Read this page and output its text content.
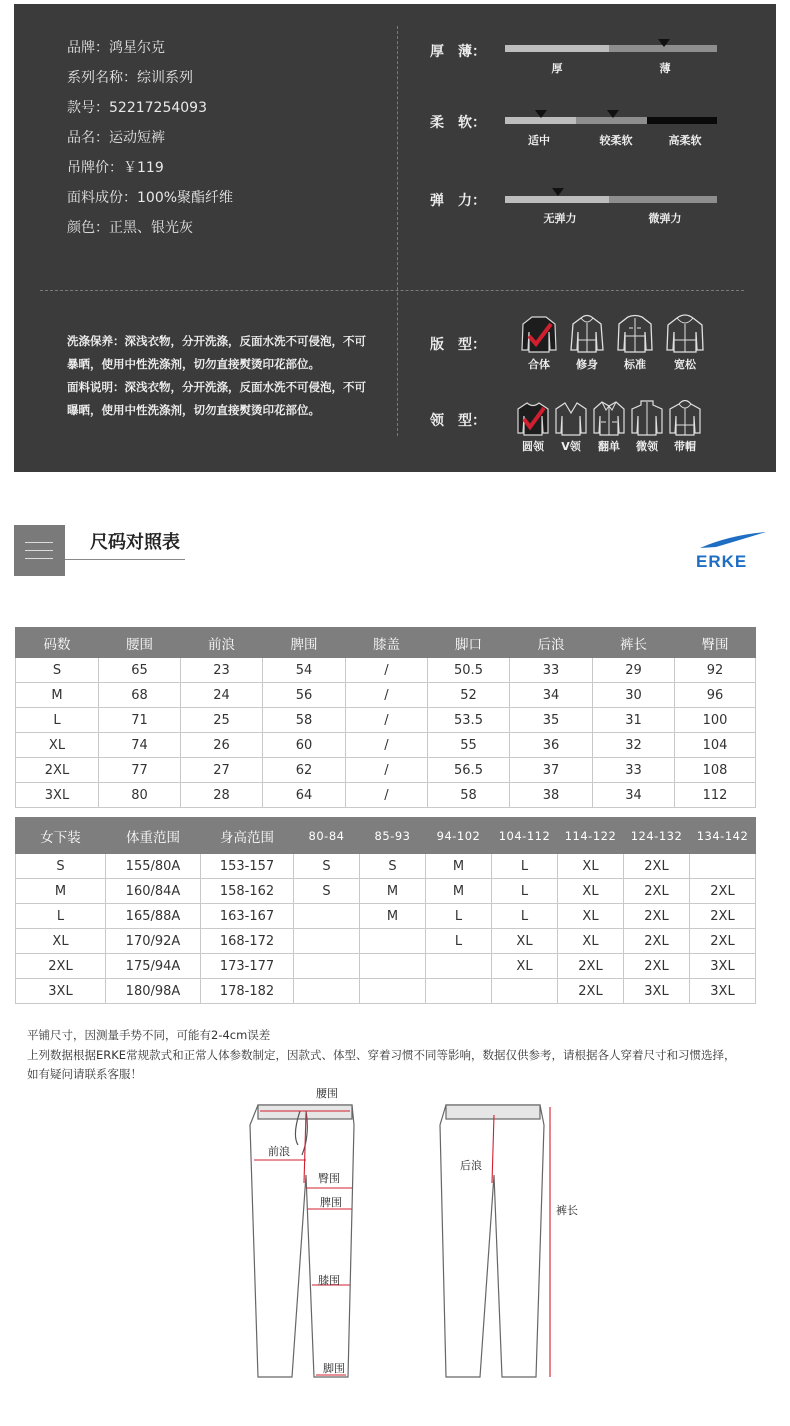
品牌：鸿星尔克
系列名称：综训系列
款号：52217254093
品名：运动短裤
吊牌价：￥119
面料成份：100%聚酯纤维
颜色：正黑、银光灰
厚　薄：
厚	薄
柔　软：
适中	较柔软	高柔软
弹　力：
无弹力	微弹力
洗涤保养：深浅衣物，分开洗涤，反面水洗不可侵泡，不可暴晒，使用中性洗涤剂，切勿直接熨烫印花部位。
面料说明：深浅衣物，分开洗涤，反面水洗不可侵泡，不可曝晒，使用中性洗涤剂，切勿直接熨烫印花部位。
版　型：
合体	修身	标准	宽松
领　型：
圆领	V领	翻单	微领	带帽
尺码对照表
ERKE
码数	腰围	前浪	脾围	膝盖	脚口	后浪	裤长	臀围
S	65	23	54	/	50.5	33	29	92
M	68	24	56	/	52	34	30	96
L	71	25	58	/	53.5	35	31	100
XL	74	26	60	/	55	36	32	104
2XL	77	27	62	/	56.5	37	33	108
3XL	80	28	64	/	58	38	34	112
女下装	体重范围	身高范围	80-84	85-93	94-102	104-112	114-122	124-132	134-142
S	155/80A	153-157	S	S	M	L	XL	2XL	
M	160/84A	158-162	S	M	M	L	XL	2XL	2XL
L	165/88A	163-167		M	L	L	XL	2XL	2XL
XL	170/92A	168-172			L	XL	XL	2XL	2XL
2XL	175/94A	173-177				XL	2XL	2XL	3XL
3XL	180/98A	178-182					2XL	3XL	3XL
平铺尺寸，因测量手势不同，可能有2-4cm误差
上列数据根据ERKE常规款式和正常人体参数制定，因款式、体型、穿着习惯不同等影响，数据仅供参考，请根据各人穿着尺寸和习惯选择，
如有疑问请联系客服！
腰围
前浪
臀围
脾围
膝围
脚围
后浪
裤长
